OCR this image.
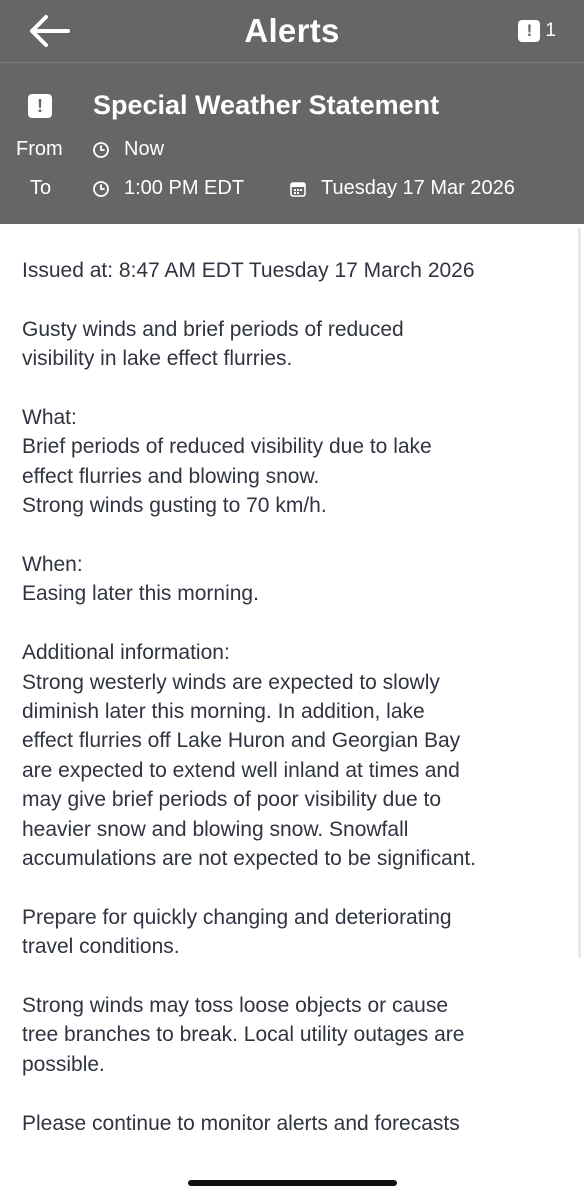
Alerts	! 1
!	Special Weather Statement
From	Now
To	1:00 PM EDT	Tuesday 17 Mar 2026

Issued at: 8:47 AM EDT Tuesday 17 March 2026

Gusty winds and brief periods of reduced
visibility in lake effect flurries.

What:
Brief periods of reduced visibility due to lake
effect flurries and blowing snow.
Strong winds gusting to 70 km/h.

When:
Easing later this morning.

Additional information:
Strong westerly winds are expected to slowly
diminish later this morning. In addition, lake
effect flurries off Lake Huron and Georgian Bay
are expected to extend well inland at times and
may give brief periods of poor visibility due to
heavier snow and blowing snow. Snowfall
accumulations are not expected to be significant.

Prepare for quickly changing and deteriorating
travel conditions.

Strong winds may toss loose objects or cause
tree branches to break. Local utility outages are
possible.

Please continue to monitor alerts and forecasts
